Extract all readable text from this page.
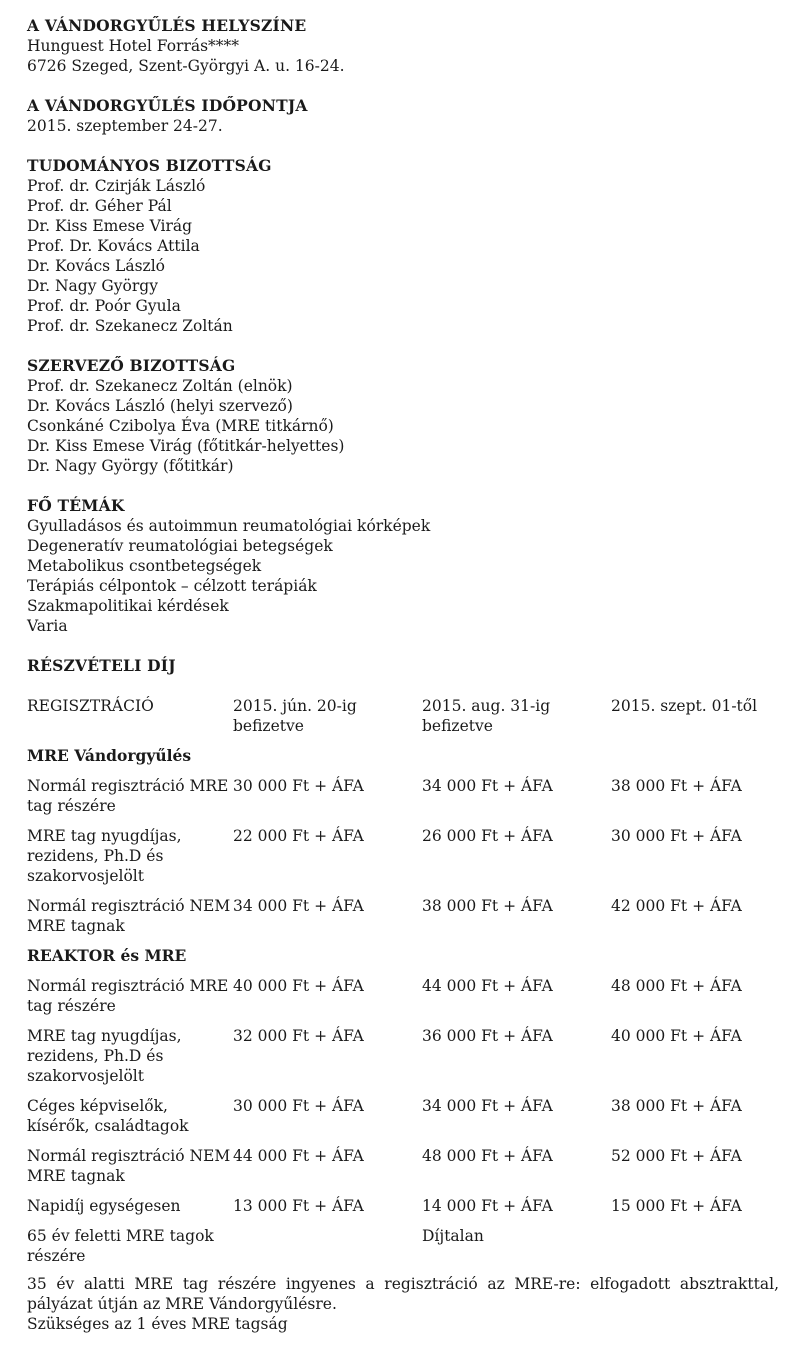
A VÁNDORGYŰLÉS HELYSZÍNE
Hunguest Hotel Forrás****
6726 Szeged, Szent-Györgyi A. u. 16-24.
A VÁNDORGYŰLÉS IDŐPONTJA
2015. szeptember 24-27.
TUDOMÁNYOS BIZOTTSÁG
Prof. dr. Czirják László
Prof. dr. Géher Pál
Dr. Kiss Emese Virág
Prof. Dr. Kovács Attila
Dr. Kovács László
Dr. Nagy György
Prof. dr. Poór Gyula
Prof. dr. Szekanecz Zoltán
SZERVEZŐ BIZOTTSÁG
Prof. dr. Szekanecz Zoltán (elnök)
Dr. Kovács László (helyi szervező)
Csonkáné Czibolya Éva (MRE titkárnő)
Dr. Kiss Emese Virág (főtitkár-helyettes)
Dr. Nagy György (főtitkár)
FŐ TÉMÁK
Gyulladásos és autoimmun reumatológiai kórképek
Degeneratív reumatológiai betegségek
Metabolikus csontbetegségek
Terápiás célpontok – célzott terápiák
Szakmapolitikai kérdések
Varia
RÉSZVÉTELI DÍJ
REGISZTRÁCIÓ	2015. jún. 20-ig befizetve	2015. aug. 31-ig befizetve	2015. szept. 01-től
MRE Vándorgyűlés			
Normál regisztráció MRE tag részére	30 000 Ft + ÁFA	34 000 Ft + ÁFA	38 000 Ft + ÁFA
MRE tag nyugdíjas, rezidens, Ph.D és szakorvosjelölt	22 000 Ft + ÁFA	26 000 Ft + ÁFA	30 000 Ft + ÁFA
Normál regisztráció NEM MRE tagnak	34 000 Ft + ÁFA	38 000 Ft + ÁFA	42 000 Ft + ÁFA
REAKTOR és MRE			
Normál regisztráció MRE tag részére	40 000 Ft + ÁFA	44 000 Ft + ÁFA	48 000 Ft + ÁFA
MRE tag nyugdíjas, rezidens, Ph.D és szakorvosjelölt	32 000 Ft + ÁFA	36 000 Ft + ÁFA	40 000 Ft + ÁFA
Céges képviselők, kísérők, családtagok	30 000 Ft + ÁFA	34 000 Ft + ÁFA	38 000 Ft + ÁFA
Normál regisztráció NEM MRE tagnak	44 000 Ft + ÁFA	48 000 Ft + ÁFA	52 000 Ft + ÁFA
Napidíj egységesen	13 000 Ft + ÁFA	14 000 Ft + ÁFA	15 000 Ft + ÁFA
65 év feletti MRE tagok részére		Díjtalan	
35 év alatti MRE tag részére ingyenes a regisztráció az MRE-re: elfogadott absztrakttal, pályázat útján az MRE Vándorgyűlésre.
Szükséges az 1 éves MRE tagság
